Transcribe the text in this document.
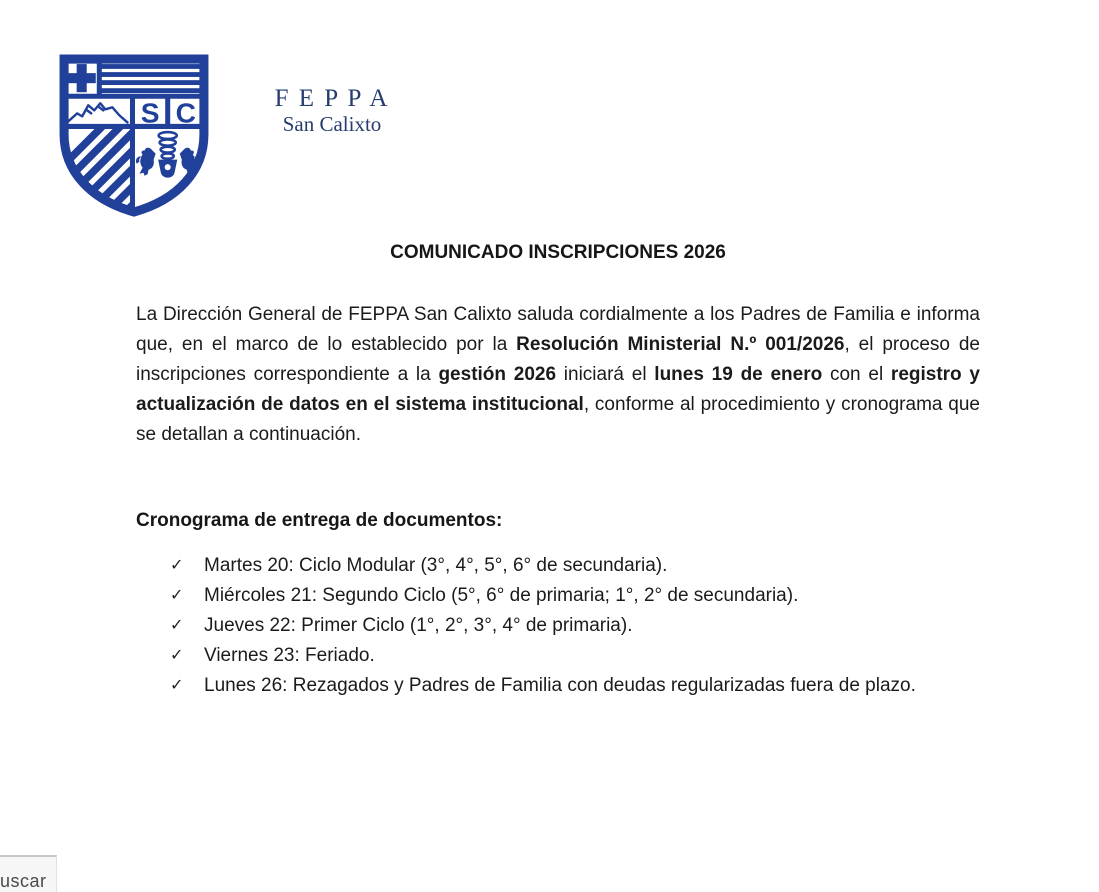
S C	F E P P A
San Calixto
COMUNICADO INSCRIPCIONES 2026

La Dirección General de FEPPA San Calixto saluda cordialmente a los Padres de Familia e informa que, en el marco de lo establecido por la Resolución Ministerial N.º 001/2026, el proceso de inscripciones correspondiente a la gestión 2026 iniciará el lunes 19 de enero con el registro y actualización de datos en el sistema institucional, conforme al procedimiento y cronograma que se detallan a continuación.

Cronograma de entrega de documentos:
✓	Martes 20: Ciclo Modular (3°, 4°, 5°, 6° de secundaria).
✓	Miércoles 21: Segundo Ciclo (5°, 6° de primaria; 1°, 2° de secundaria).
✓	Jueves 22: Primer Ciclo (1°, 2°, 3°, 4° de primaria).
✓	Viernes 23: Feriado.
✓	Lunes 26: Rezagados y Padres de Familia con deudas regularizadas fuera de plazo.
uscar
